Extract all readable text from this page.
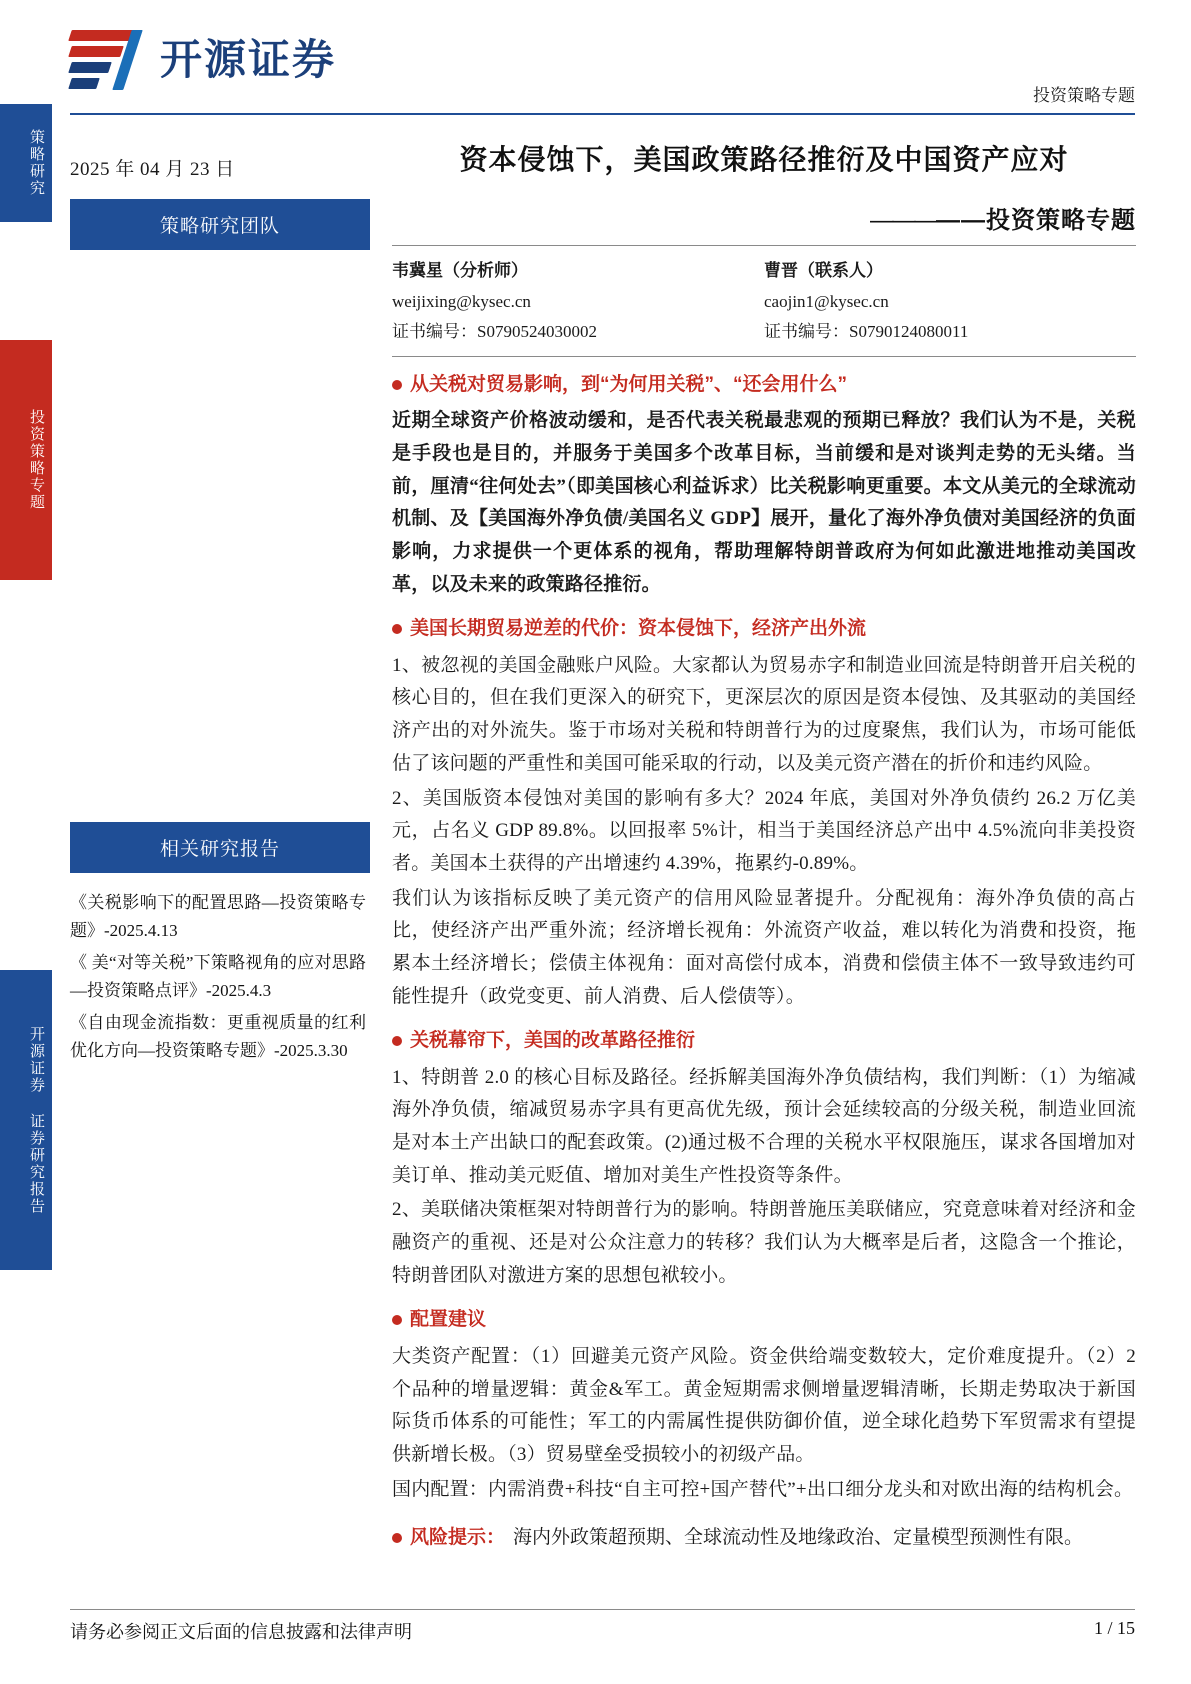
策略研究
投资策略专题
开源证券 证券研究报告
开源证券
投资策略专题
2025 年 04 月 23 日
策略研究团队
相关研究报告
《关税影响下的配置思路—投资策略专题》-2025.4.13
《 美“对等关税”下策略视角的应对思路—投资策略点评》-2025.4.3
《自由现金流指数：更重视质量的红利优化方向—投资策略专题》-2025.3.30
资本侵蚀下，美国政策路径推衍及中国资产应对
—————投资策略专题
韦冀星（分析师）
weijixing@kysec.cn
证书编号：S0790524030002
曹晋（联系人）
caojin1@kysec.cn
证书编号：S0790124080011
从关税对贸易影响，到“为何用关税”、“还会用什么”

近期全球资产价格波动缓和，是否代表关税最悲观的预期已释放？我们认为不是，关税是手段也是目的，并服务于美国多个改革目标，当前缓和是对谈判走势的无头绪。当前，厘清“往何处去”（即美国核心利益诉求）比关税影响更重要。本文从美元的全球流动机制、及【美国海外净负债/美国名义 GDP】展开，量化了海外净负债对美国经济的负面影响，力求提供一个更体系的视角，帮助理解特朗普政府为何如此激进地推动美国改革，以及未来的政策路径推衍。

美国长期贸易逆差的代价：资本侵蚀下，经济产出外流

1、被忽视的美国金融账户风险。大家都认为贸易赤字和制造业回流是特朗普开启关税的核心目的，但在我们更深入的研究下，更深层次的原因是资本侵蚀、及其驱动的美国经济产出的对外流失。鉴于市场对关税和特朗普行为的过度聚焦，我们认为，市场可能低估了该问题的严重性和美国可能采取的行动，以及美元资产潜在的折价和违约风险。

2、美国版资本侵蚀对美国的影响有多大？2024 年底，美国对外净负债约 26.2 万亿美元，占名义 GDP 89.8%。以回报率 5%计，相当于美国经济总产出中 4.5%流向非美投资者。美国本土获得的产出增速约 4.39%，拖累约-0.89%。

我们认为该指标反映了美元资产的信用风险显著提升。分配视角：海外净负债的高占比，使经济产出严重外流；经济增长视角：外流资产收益，难以转化为消费和投资，拖累本土经济增长；偿债主体视角：面对高偿付成本，消费和偿债主体不一致导致违约可能性提升（政党变更、前人消费、后人偿债等）。

关税幕帘下，美国的改革路径推衍

1、特朗普 2.0 的核心目标及路径。经拆解美国海外净负债结构，我们判断：（1）为缩减海外净负债，缩减贸易赤字具有更高优先级，预计会延续较高的分级关税，制造业回流是对本土产出缺口的配套政策。(2)通过极不合理的关税水平权限施压，谋求各国增加对美订单、推动美元贬值、增加对美生产性投资等条件。

2、美联储决策框架对特朗普行为的影响。特朗普施压美联储应，究竟意味着对经济和金融资产的重视、还是对公众注意力的转移？我们认为大概率是后者，这隐含一个推论，特朗普团队对激进方案的思想包袱较小。

配置建议

大类资产配置：（1）回避美元资产风险。资金供给端变数较大，定价难度提升。（2）2 个品种的增量逻辑：黄金&军工。黄金短期需求侧增量逻辑清晰，长期走势取决于新国际货币体系的可能性；军工的内需属性提供防御价值，逆全球化趋势下军贸需求有望提供新增长极。（3）贸易壁垒受损较小的初级产品。

国内配置：内需消费+科技“自主可控+国产替代”+出口细分龙头和对欧出海的结构机会。

风险提示： 海内外政策超预期、全球流动性及地缘政治、定量模型预测性有限。
请务必参阅正文后面的信息披露和法律声明	1 / 15
